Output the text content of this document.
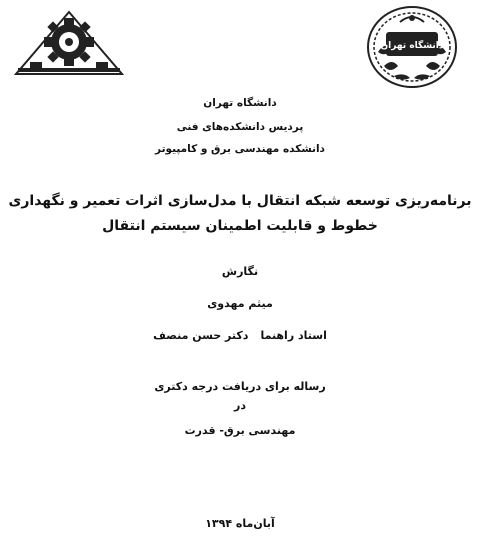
دانشگاه تهران
دانشگاه تهران
پردیس دانشکده‌های فنی
دانشکده مهندسی برق و کامپیوتر
برنامه‌ریزی توسعه شبکه انتقال با مدل‌سازی اثرات تعمیر و نگهداری
خطوط و قابلیت اطمینان سیستم انتقال
نگارش
میثم مهدوی
استاد راهنمادکتر حسن منصف
رساله برای دریافت درجه دکتری
در
مهندسی برق- قدرت
آبان‌ماه ۱۳۹۴
